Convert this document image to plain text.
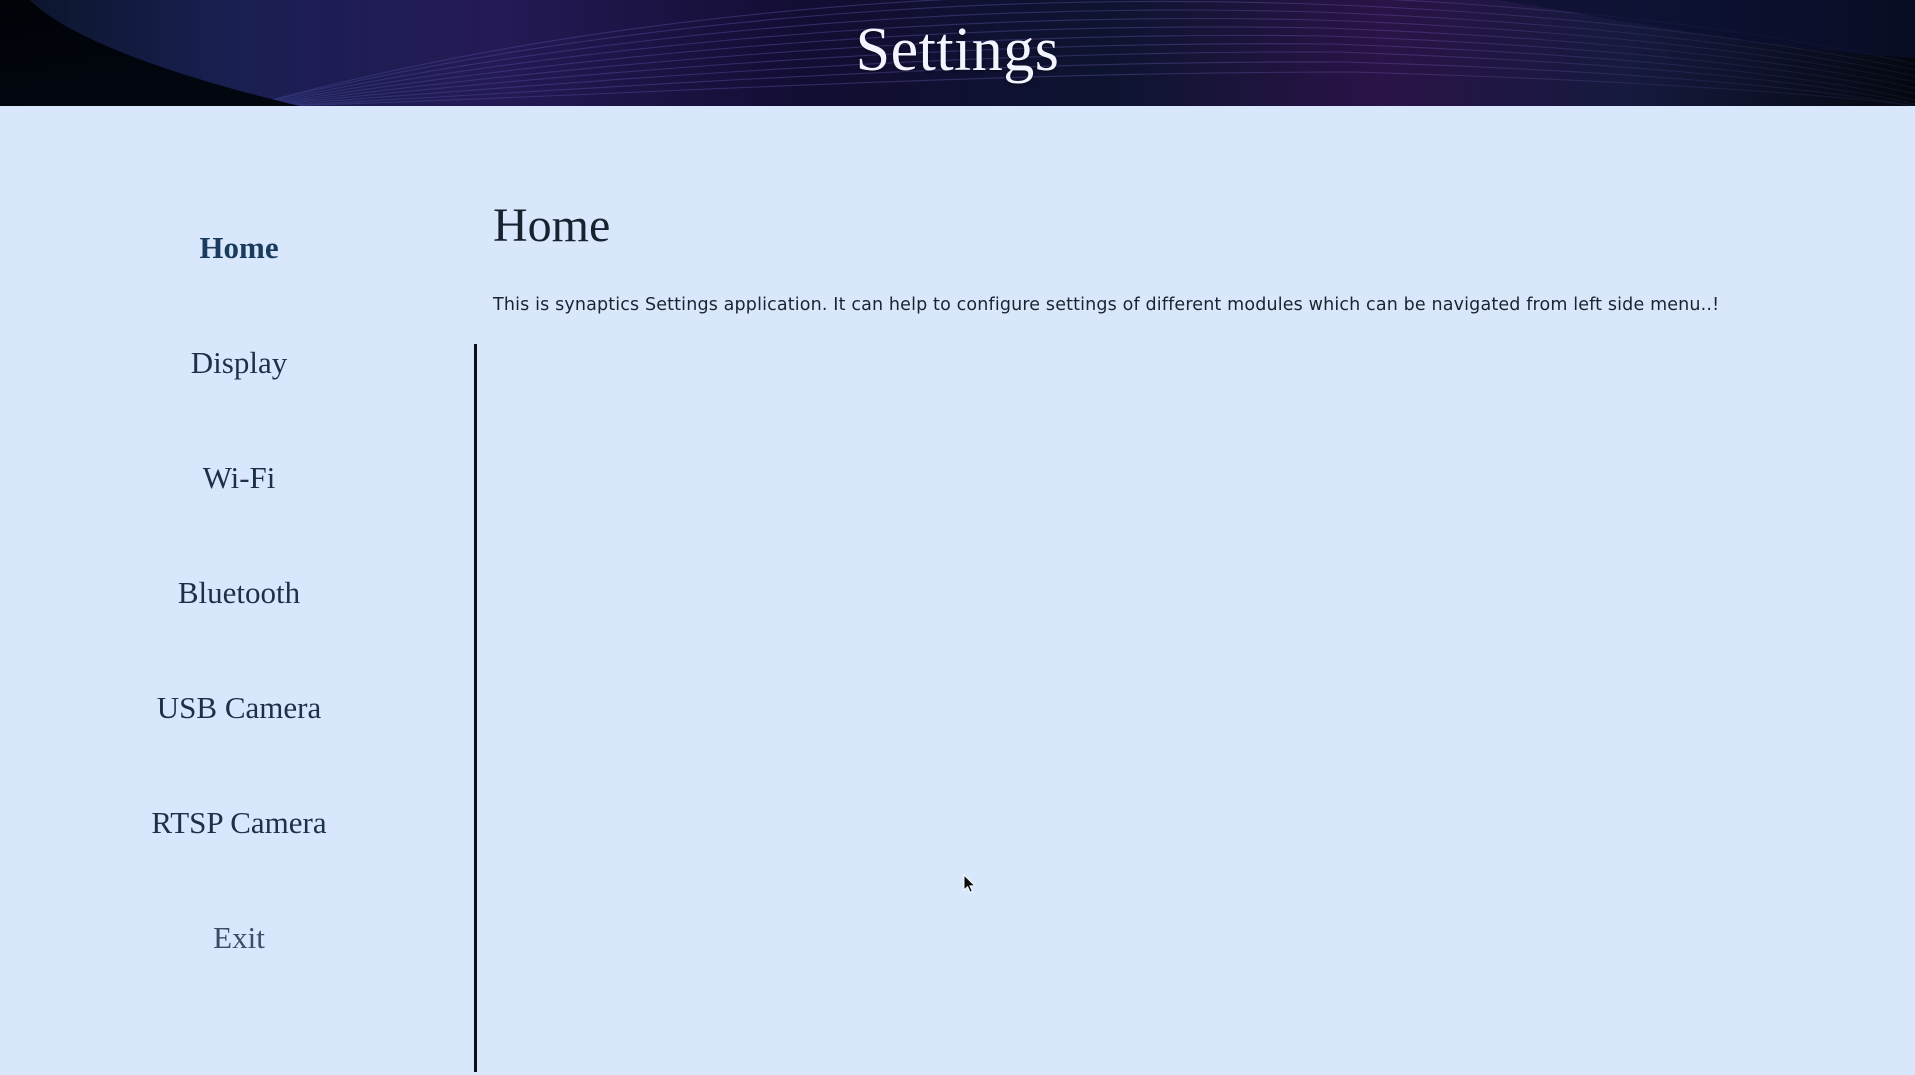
Settings
Home
Display
Wi-Fi
Bluetooth
USB Camera
RTSP Camera
Exit
Home
This is synaptics Settings application. It can help to configure settings of different modules which can be navigated from left side menu..!
